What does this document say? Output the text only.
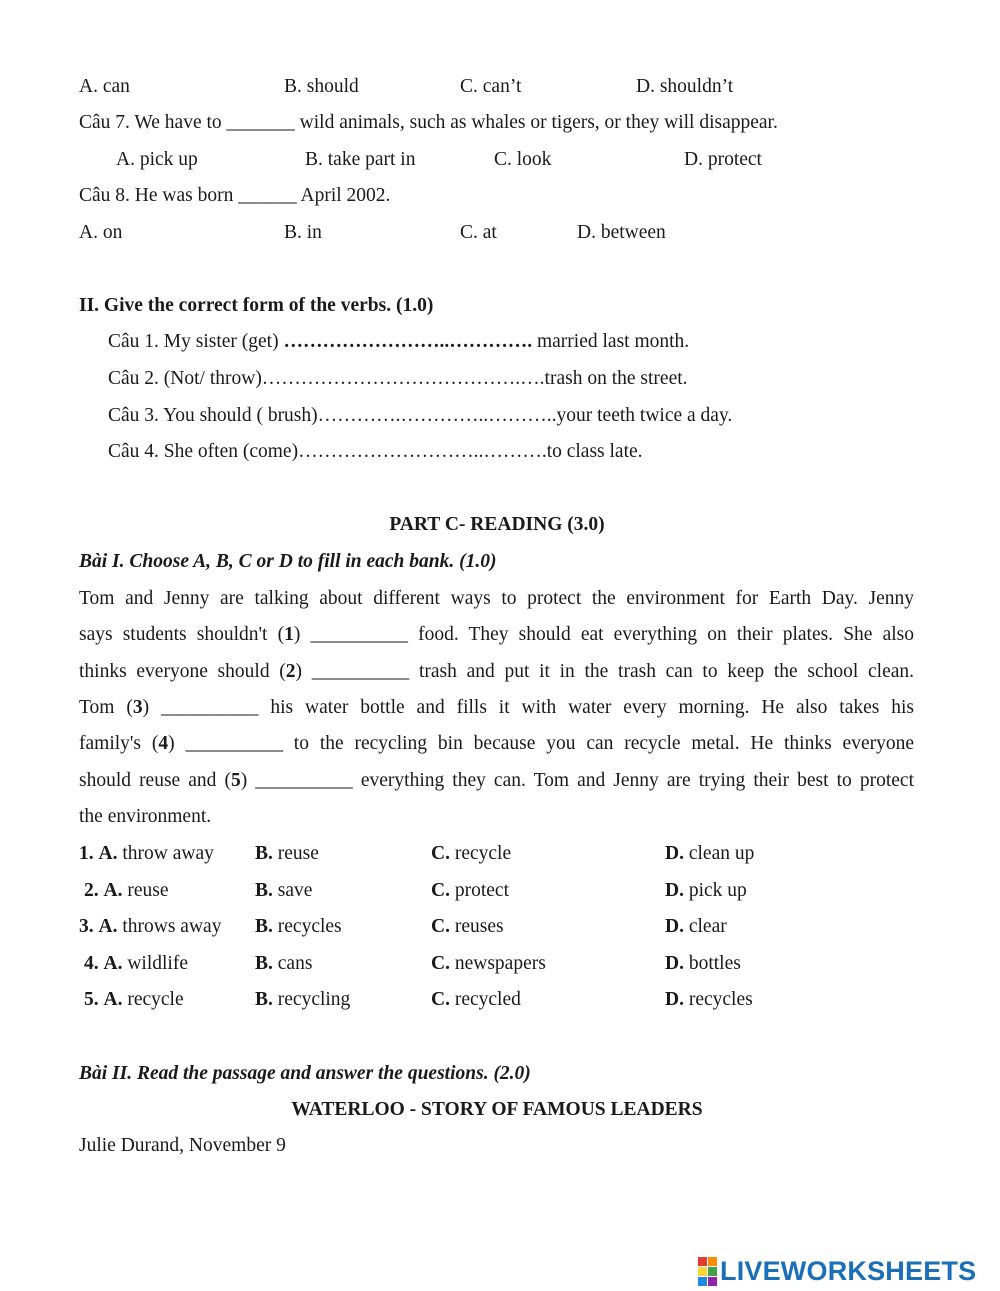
A. can	B. should	C. can’t	D. shouldn’t
Câu 7. We have to _______ wild animals, such as whales or tigers, or they will disappear.
A. pick up	B. take part in	C. look	D. protect
Câu 8. He was born ______ April 2002.
A. on	B. in	C. at	D. between
II. Give the correct form of the verbs. (1.0)
Câu 1. My sister (get) ……………………..…………. married last month.
Câu 2. (Not/ throw)………………………………….….trash on the street.
Câu 3. You should ( brush)………….…………..………..your teeth twice a day.
Câu 4. She often (come)………………………..……….to class late.
PART C- READING (3.0)
Bài I. Choose A, B, C or D to fill in each bank. (1.0)
Tom and Jenny are talking about different ways to protect the environment for Earth Day. Jenny
says students shouldn't (1) __________ food. They should eat everything on their plates. She also
thinks everyone should (2) __________ trash and put it in the trash can to keep the school clean.
Tom (3) __________ his water bottle and fills it with water every morning. He also takes his
family's (4) __________ to the recycling bin because you can recycle metal. He thinks everyone
should reuse and (5) __________ everything they can. Tom and Jenny are trying their best to protect
the environment.
1. A. throw away B. reuse	C. recycle	D. clean up
2. A. reuse	B. save	C. protect	D. pick up
3. A. throws away B. recycles	C. reuses	D. clear
4. A. wildlife	B. cans	C. newspapers	D. bottles
5. A. recycle	B. recycling	C. recycled	D. recycles
Bài II. Read the passage and answer the questions. (2.0)
WATERLOO - STORY OF FAMOUS LEADERS
Julie Durand, November 9
LIVEWORKSHEETS
